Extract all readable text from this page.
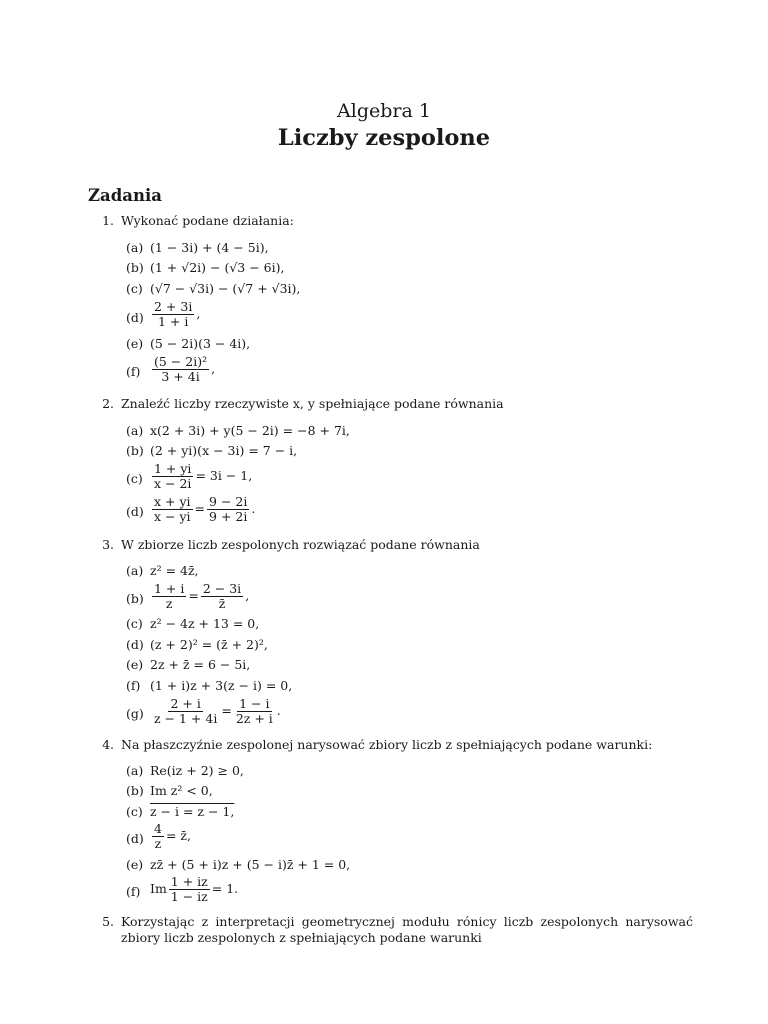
Algebra 1
Liczby zespolone
Zadania
1. Wykonać podane działania:
(a) (1 − 3i) + (4 − 5i),
(b) (1 + √2i) − (√3 − 6i),
(c) (√7 − √3i) − (√7 + √3i),
$(d) \frac{2 + 3i}{1 + i}$ ,
(e) (5 − 2i)(3 − 4i),
$(f) \frac{\text{(5 − 2i)²}}{3 + 4i}$ ,
2. Znaleźć liczby rzeczywiste x, y spełniające podane równania
(a) x(2 + 3i) + y(5 − 2i) = −8 + 7i,
(b) (2 + yi)(x − 3i) = 7 − i,
$(c) \frac{1 + yi}{x - 2i} = 3i - 1$,
$(d) \frac{x + yi}{x - yi} = \frac{9 - 2i}{9 + 2i}$ .
3. W zbiorze liczb zespolonych rozwiązać podane równania
(a) z² = 4z̄,
$(b) \frac{1 + i}{z} = \frac{2 - 3i}{z̄}$ ,
(c) z² − 4z + 13 = 0,
(d) (z + 2)² = (z̄ + 2)²,
(e) 2z + z̄ = 6 − 5i,
(f) (1 + i)z + 3(z − i) = 0,
$(g) \frac{2 + i}{z - 1 + 4i} = \frac{1 - i}{2z + i}$ .
4. Na płaszczyźnie zespolonej narysować zbiory liczb z spełniających podane warunki:
(a) Re(iz + 2) ≥ 0,
(b) Im z² < 0,
(c) z − i = z − 1,
$(d) \frac{4}{z}$ = z̄,
(e) zz̄ + (5 + i)z + (5 − i)z̄ + 1 = 0,
(f) Im $\frac{1 + iz}{1 - iz} = 1$.
5. Korzystając z interpretacji geometrycznej modułu rónicy liczb zespolonych narysować zbiory liczb zespolonych z spełniających podane warunki
